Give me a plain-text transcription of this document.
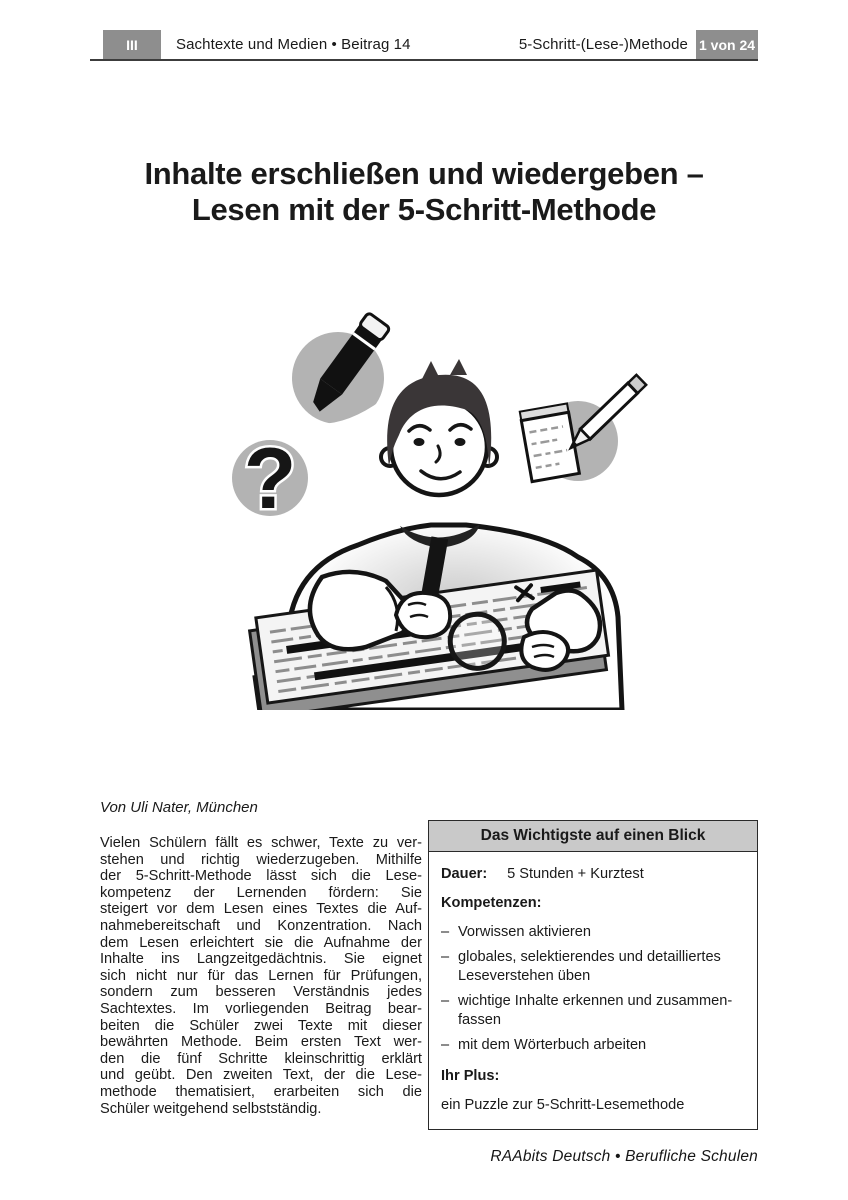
III	Sachtexte und Medien • Beitrag 14	5-Schritt-(Lese-)Methode 1 von 24
Inhalte erschließen und wiedergeben –
Lesen mit der 5-Schritt-Methode
?
Von Uli Nater, München
Vielen Schülern fällt es schwer, Texte zu ver-
stehen und richtig wiederzugeben. Mithilfe
der 5-Schritt-Methode lässt sich die Lese-
kompetenz der Lernenden fördern: Sie
steigert vor dem Lesen eines Textes die Auf-
nahmebereitschaft und Konzentration. Nach
dem Lesen erleichtert sie die Aufnahme der
Inhalte ins Langzeitgedächtnis. Sie eignet
sich nicht nur für das Lernen für Prüfungen,
sondern zum besseren Verständnis jedes
Sachtextes. Im vorliegenden Beitrag bear-
beiten die Schüler zwei Texte mit dieser
bewährten Methode. Beim ersten Text wer-
den die fünf Schritte kleinschrittig erklärt
und geübt. Den zweiten Text, der die Lese-
methode thematisiert, erarbeiten sich die
Schüler weitgehend selbstständig.
Das Wichtigste auf einen Blick
Dauer: 5 Stunden + Kurztest
Kompetenzen:
– Vorwissen aktivieren
– globales, selektierendes und detailliertes Leseverstehen üben
– wichtige Inhalte erkennen und zusammenfassen
– mit dem Wörterbuch arbeiten
Ihr Plus:
ein Puzzle zur 5-Schritt-Lesemethode
RAAbits Deutsch • Berufliche Schulen
